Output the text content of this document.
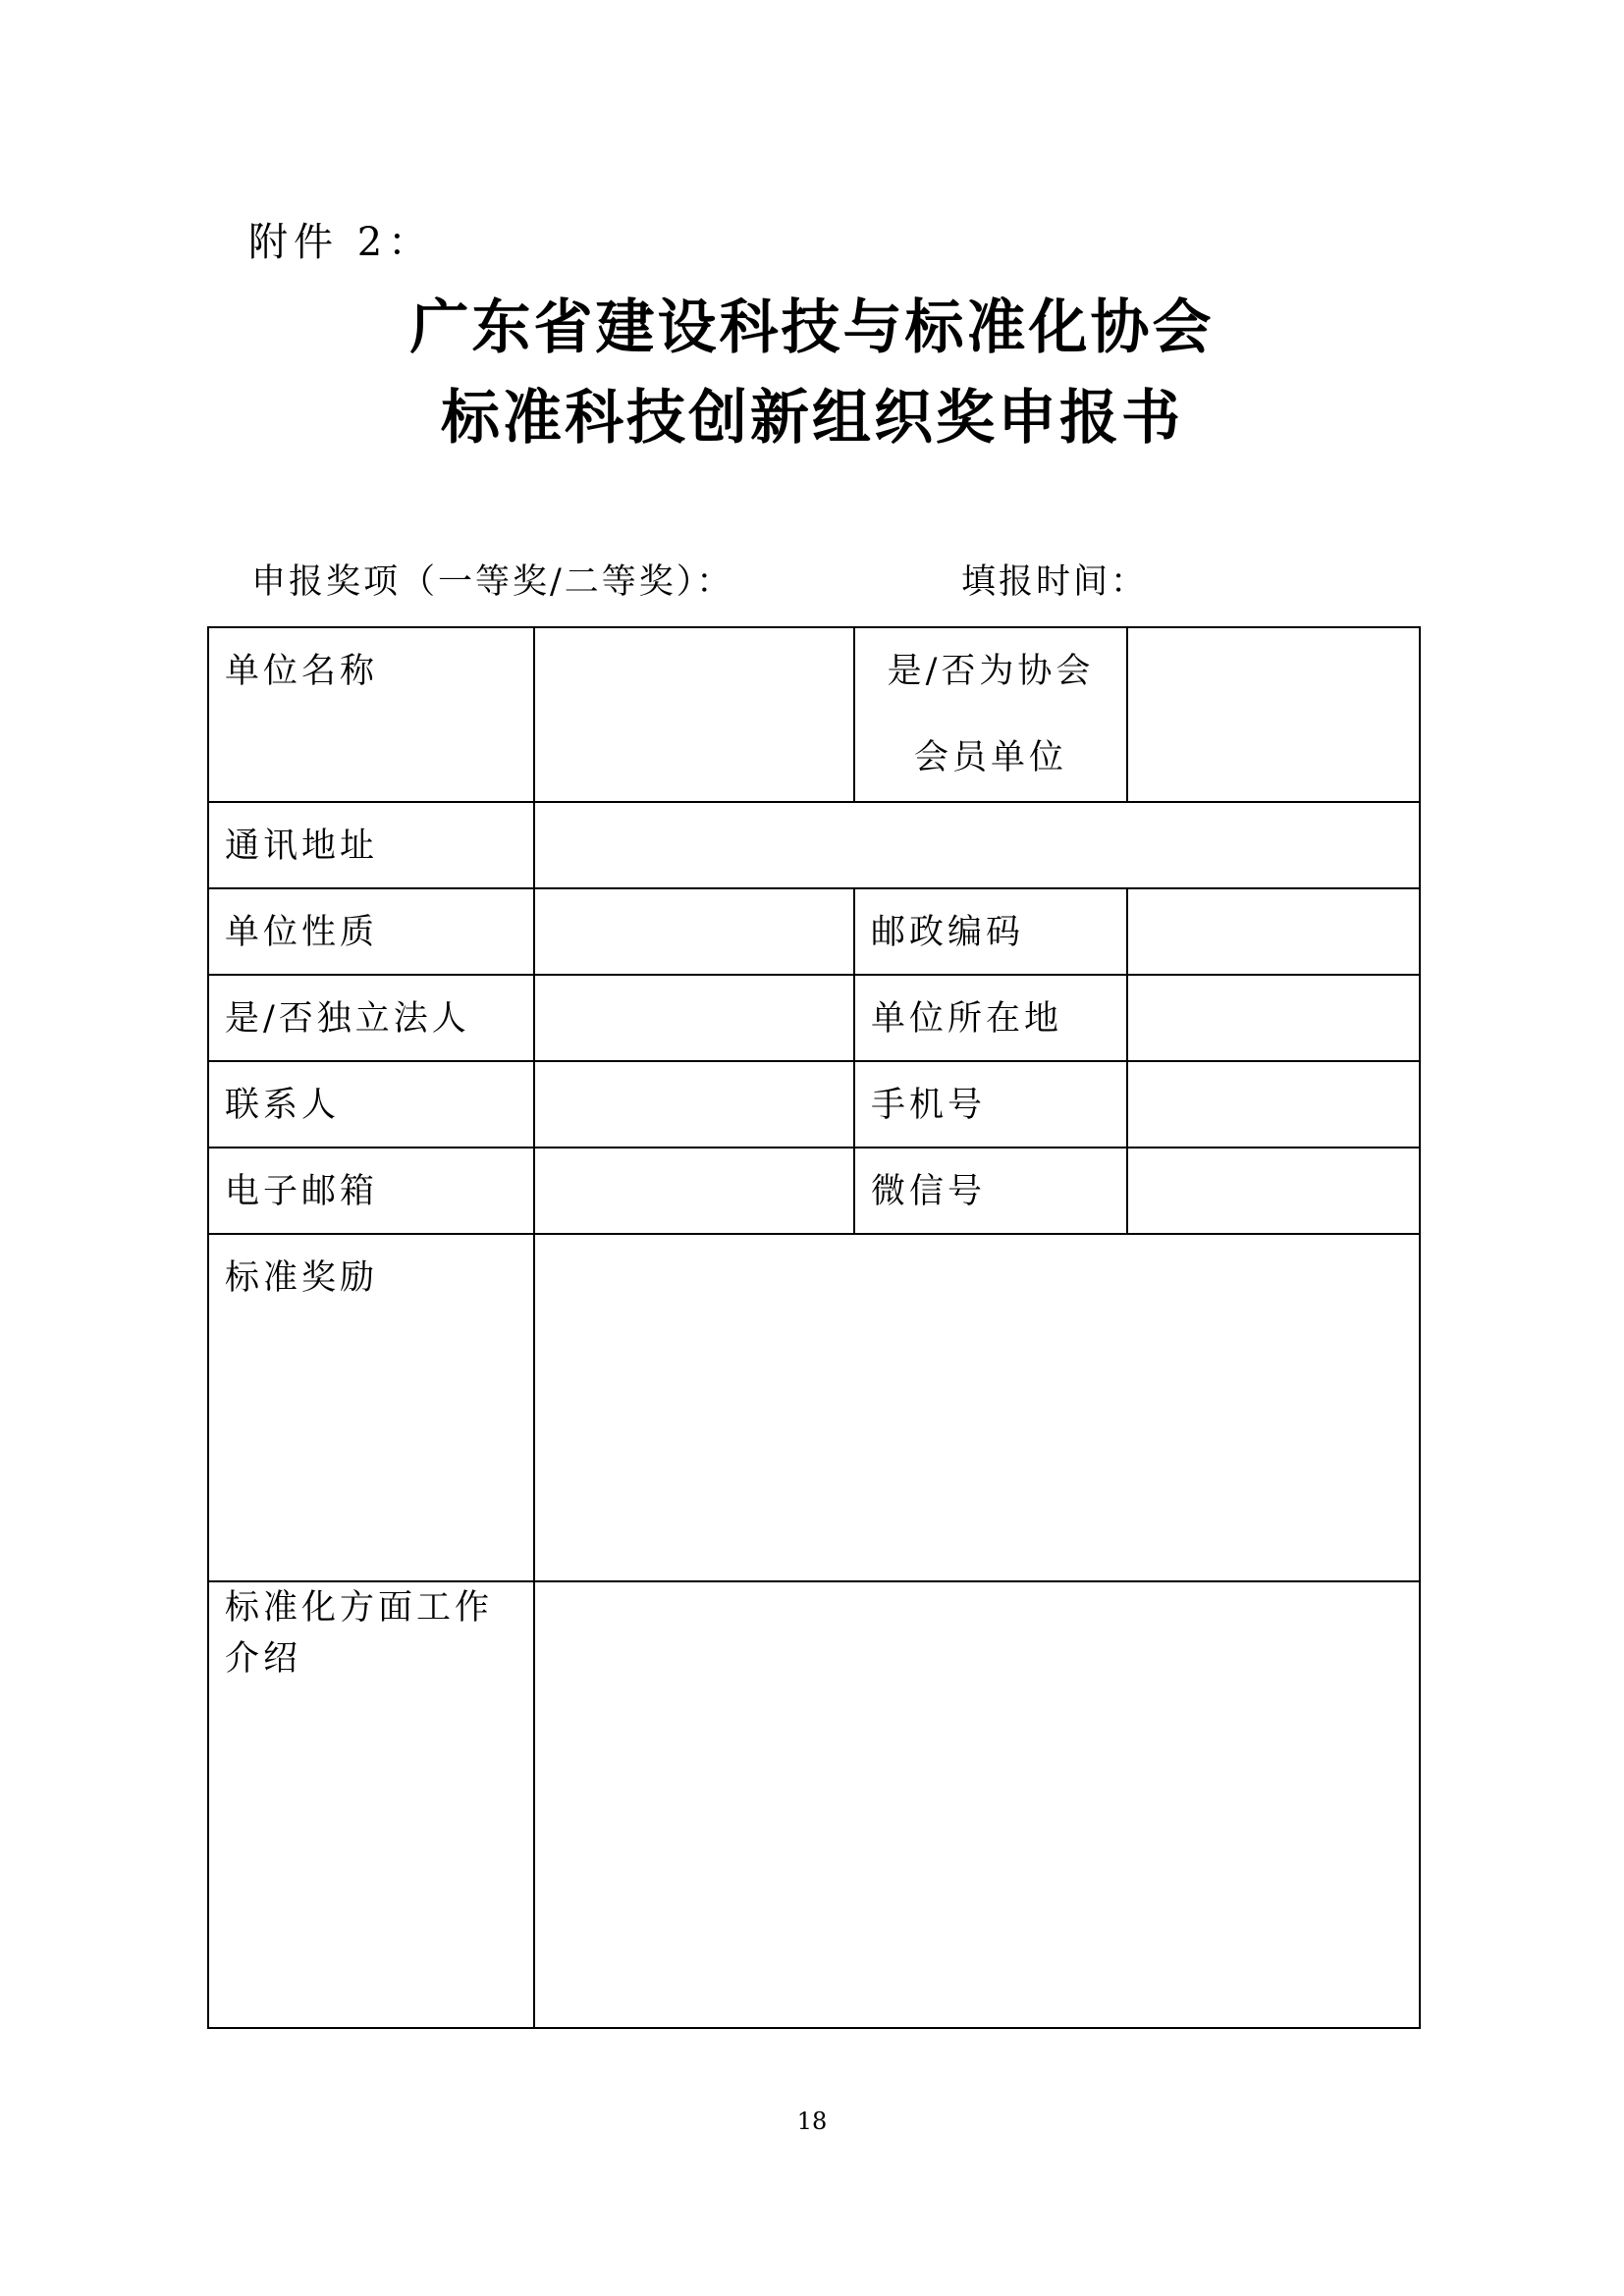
附件 2：
广东省建设科技与标准化协会
标准科技创新组织奖申报书
申报奖项（一等奖/二等奖）：	填报时间：
单位名称		是/否为协会
会员单位	
通讯地址			
单位性质		邮政编码	
是/否独立法人		单位所在地	
联系人		手机号	
电子邮箱		微信号	
标准奖励			
标准化方面工作
介绍			
18
